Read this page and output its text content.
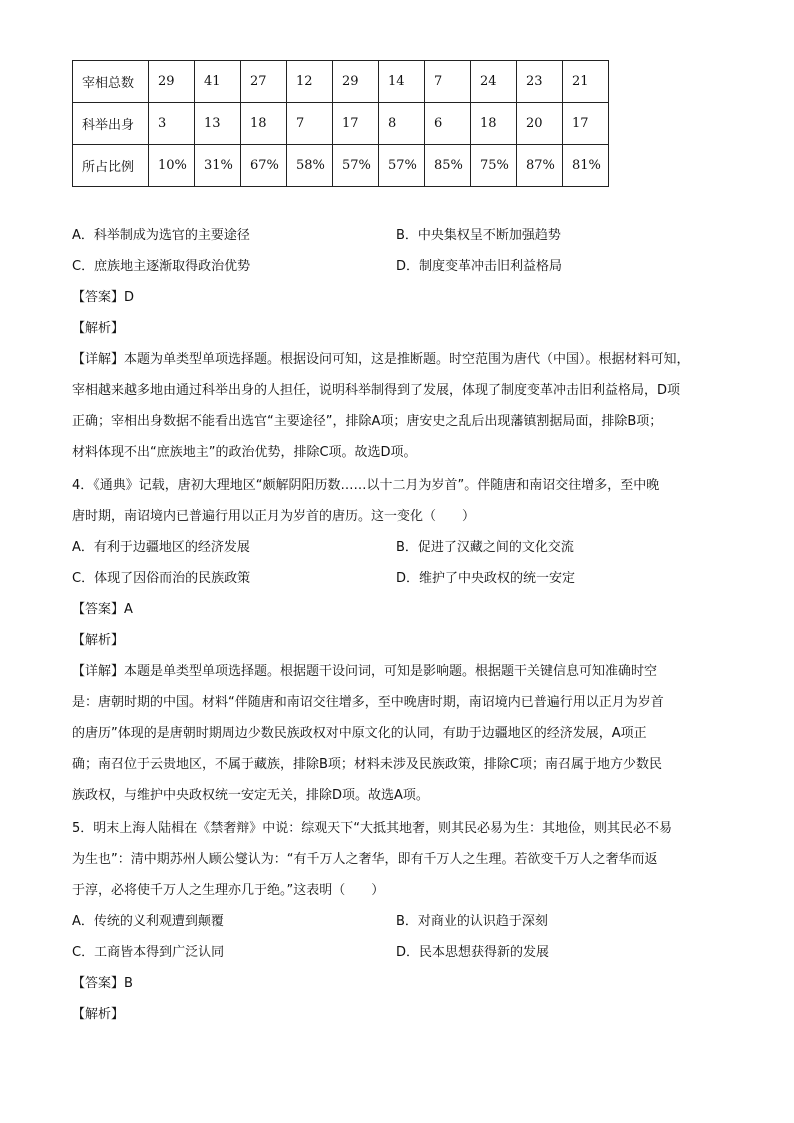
宰相总数	29	41	27	12	29	14	7	24	23	21
科举出身	3	13	18	7	17	8	6	18	20	17
所占比例	10%	31%	67%	58%	57%	57%	85%	75%	87%	81%
A．科举制成为选官的主要途径	B．中央集权呈不断加强趋势
C．庶族地主逐渐取得政治优势	D．制度变革冲击旧利益格局
【答案】D
【解析】
【详解】本题为单类型单项选择题。根据设问可知，这是推断题。时空范围为唐代（中国）。根据材料可知，
宰相越来越多地由通过科举出身的人担任，说明科举制得到了发展，体现了制度变革冲击旧利益格局，D项
正确；宰相出身数据不能看出选官“主要途径”，排除A项；唐安史之乱后出现藩镇割据局面，排除B项；
材料体现不出“庶族地主”的政治优势，排除C项。故选D项。
4．《通典》记载，唐初大理地区“颇解阴阳历数……以十二月为岁首”。伴随唐和南诏交往增多，至中晚
唐时期，南诏境内已普遍行用以正月为岁首的唐历。这一变化（　　）
A．有利于边疆地区的经济发展	B．促进了汉藏之间的文化交流
C．体现了因俗而治的民族政策	D．维护了中央政权的统一安定
【答案】A
【解析】
【详解】本题是单类型单项选择题。根据题干设问词，可知是影响题。根据题干关键信息可知准确时空
是：唐朝时期的中国。材料“伴随唐和南诏交往增多，至中晚唐时期，南诏境内已普遍行用以正月为岁首
的唐历”体现的是唐朝时期周边少数民族政权对中原文化的认同，有助于边疆地区的经济发展，A项正
确；南召位于云贵地区，不属于藏族，排除B项；材料未涉及民族政策，排除C项；南召属于地方少数民
族政权，与维护中央政权统一安定无关，排除D项。故选A项。
5．明末上海人陆楫在《禁奢辩》中说：综观天下“大抵其地奢，则其民必易为生：其地俭，则其民必不易
为生也”：清中期苏州人顾公燮认为：“有千万人之奢华，即有千万人之生理。若欲变千万人之奢华而返
于淳，必将使千万人之生理亦几于绝。”这表明（　　）
A．传统的义利观遭到颠覆	B．对商业的认识趋于深刻
C．工商皆本得到广泛认同	D．民本思想获得新的发展
【答案】B
【解析】
